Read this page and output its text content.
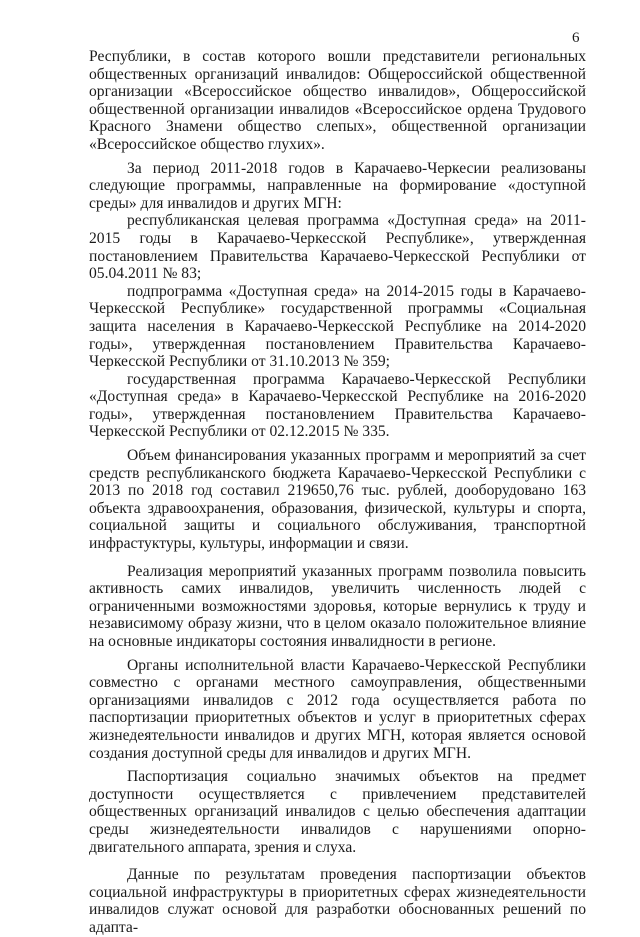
6

Республики, в состав которого вошли представители региональных общественных организаций инвалидов: Общероссийской общественной организации «Всероссийское общество инвалидов», Общероссийской общественной организации инвалидов «Всероссийское ордена Трудового Красного Знамени общество слепых», общественной организации «Всероссийское общество глухих».

За период 2011-2018 годов в Карачаево-Черкесии реализованы следующие программы, направленные на формирование «доступной среды» для инвалидов и других МГН:

республиканская целевая программа «Доступная среда» на 2011-2015 годы в Карачаево-Черкесской Республике», утвержденная постановлением Правительства Карачаево-Черкесской Республики от 05.04.2011 № 83;

подпрограмма «Доступная среда» на 2014-2015 годы в Карачаево-Черкесской Республике» государственной программы «Социальная защита населения в Карачаево-Черкесской Республике на 2014-2020 годы», утвержденная постановлением Правительства Карачаево-Черкесской Республики от 31.10.2013 № 359;

государственная программа Карачаево-Черкесской Республики «Доступная среда» в Карачаево-Черкесской Республике на 2016-2020 годы», утвержденная постановлением Правительства Карачаево-Черкесской Республики от 02.12.2015 № 335.

Объем финансирования указанных программ и мероприятий за счет средств республиканского бюджета Карачаево-Черкесской Республики с 2013 по 2018 год составил 219650,76 тыс. рублей, дооборудовано 163 объекта здравоохранения, образования, физической, культуры и спорта, социальной защиты и социального обслуживания, транспортной инфрастуктуры, культуры, информации и связи.

Реализация мероприятий указанных программ позволила повысить активность самих инвалидов, увеличить численность людей с ограниченными возможностями здоровья, которые вернулись к труду и независимому образу жизни, что в целом оказало положительное влияние на основные индикаторы состояния инвалидности в регионе.

Органы исполнительной власти Карачаево-Черкесской Республики совместно с органами местного самоуправления, общественными организациями инвалидов с 2012 года осуществляется работа по паспортизации приоритетных объектов и услуг в приоритетных сферах жизнедеятельности инвалидов и других МГН, которая является основой создания доступной среды для инвалидов и других МГН.

Паспортизация социально значимых объектов на предмет доступности осуществляется с привлечением представителей общественных организаций инвалидов с целью обеспечения адаптации среды жизнедеятельности инвалидов с нарушениями опорно-двигательного аппарата, зрения и слуха.

Данные по результатам проведения паспортизации объектов социальной инфраструктуры в приоритетных сферах жизнедеятельности инвалидов служат основой для разработки обоснованных решений по адапта-
